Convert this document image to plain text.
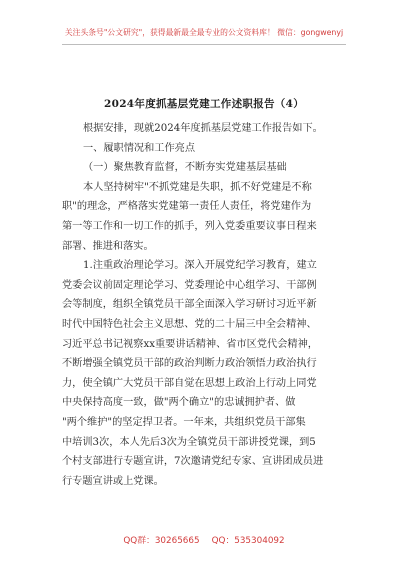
关注头条号"公文研究"，获得最新最全最专业的公文资料库！ 微信：gongwenyj
2024年度抓基层党建工作述职报告（4）
根据安排，现就2024年度抓基层党建工作报告如下。
一、履职情况和工作亮点
（一）聚焦教育监督，不断夯实党建基层基础
本人坚持树牢"不抓党建是失职，抓不好党建是不称
职"的理念，严格落实党建第一责任人责任，将党建作为
第一等工作和一切工作的抓手，列入党委重要议事日程来
部署、推进和落实。
1.注重政治理论学习。深入开展党纪学习教育，建立
党委会议前固定理论学习、党委理论中心组学习、干部例
会等制度，组织全镇党员干部全面深入学习研讨习近平新
时代中国特色社会主义思想、党的二十届三中全会精神、
习近平总书记视察xx重要讲话精神、省市区党代会精神，
不断增强全镇党员干部的政治判断力政治领悟力政治执行
力，使全镇广大党员干部自觉在思想上政治上行动上同党
中央保持高度一致，做"两个确立"的忠诚拥护者、做
"两个维护"的坚定捍卫者。一年来，共组织党员干部集
中培训3次，本人先后3次为全镇党员干部讲授党课，到5
个村支部进行专题宣讲，7次邀请党纪专家、宣讲团成员进
行专题宣讲或上党课。
QQ群：30265665 QQ：535304092
